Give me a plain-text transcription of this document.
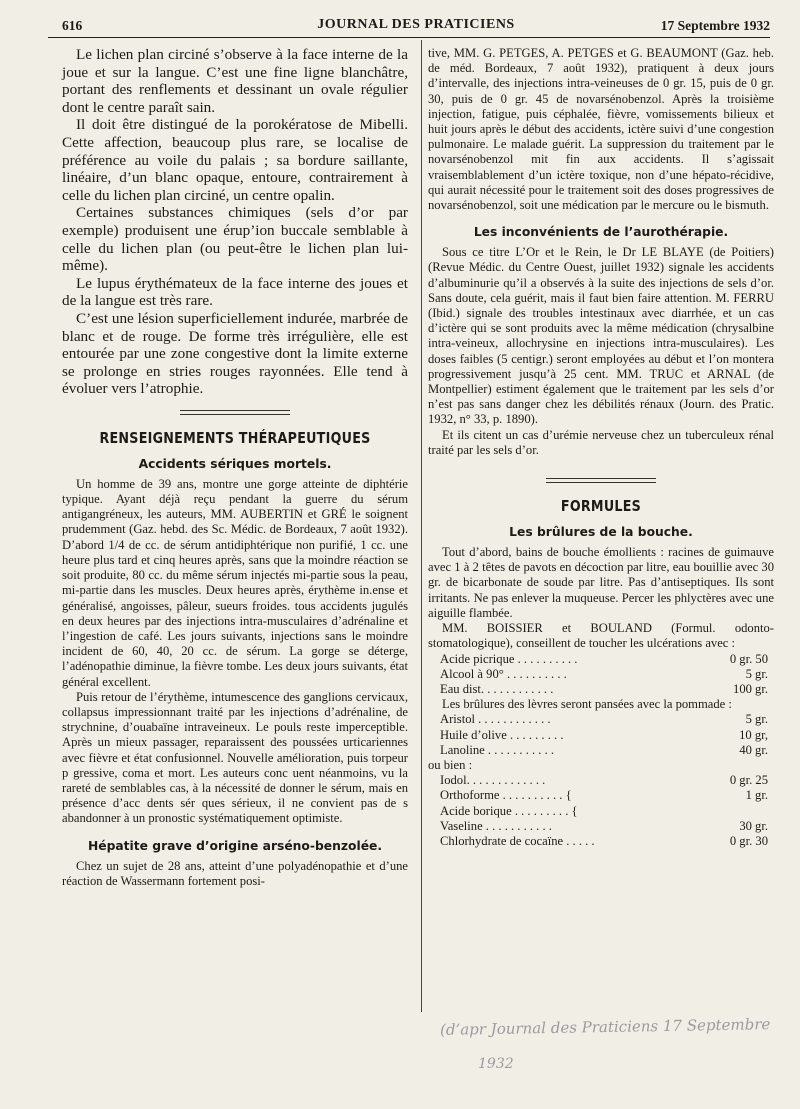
616	JOURNAL DES PRATICIENS	17 Septembre 1932

Le lichen plan circiné s’observe à la face interne de la joue et sur la langue. C’est une fine ligne blanchâtre, portant des renflements et dessinant un ovale régulier dont le centre paraît sain.

Il doit être distingué de la porokératose de Mibelli. Cette affection, beaucoup plus rare, se localise de préférence au voile du palais ; sa bordure saillante, linéaire, d’un blanc opaque, entoure, contrairement à celle du lichen plan circiné, un centre opalin.

Certaines substances chimiques (sels d’or par exemple) produisent une érup’ion buccale semblable à celle du lichen plan (ou peut-être le lichen plan lui-même).

Le lupus érythémateux de la face interne des joues et de la langue est très rare.

C’est une lésion superficiellement indurée, marbrée de blanc et de rouge. De forme très irrégulière, elle est entourée par une zone congestive dont la limite externe se prolonge en stries rouges rayonnées. Elle tend à évoluer vers l’atrophie.

RENSEIGNEMENTS THÉRAPEUTIQUES
Accidents sériques mortels.

Un homme de 39 ans, montre une gorge atteinte de diphtérie typique. Ayant déjà reçu pendant la guerre du sérum antigangréneux, les auteurs, MM. AUBERTIN et GRÉ le soignent prudemment (Gaz. hebd. des Sc. Médic. de Bordeaux, 7 août 1932). D’abord 1/4 de cc. de sérum antidiphtérique non purifié, 1 cc. une heure plus tard et cinq heures après, sans que la moindre réaction se soit produite, 80 cc. du même sérum injectés mi-partie sous la peau, mi-partie dans les muscles. Deux heures après, érythème in.ense et généralisé, angoisses, pâleur, sueurs froides. tous accidents jugulés en deux heures par des injections intra-musculaires d’adrénaline et l’ingestion de café. Les jours suivants, injections sans le moindre incident de 60, 40, 20 cc. de sérum. La gorge se déterge, l’adénopathie diminue, la fièvre tombe. Les deux jours suivants, état général excellent.

Puis retour de l’érythème, intumescence des ganglions cervicaux, collapsus impressionnant traité par les injections d’adrénaline, de strychnine, d’ouabaïne intraveineux. Le pouls reste imperceptible. Après un mieux passager, reparaissent des poussées urticariennes avec fièvre et état confusionnel. Nouvelle amélioration, puis torpeur p gressive, coma et mort. Les auteurs conc uent néanmoins, vu la rareté de semblables cas, à la nécessité de donner le sérum, mais en présence d’acc dents sér ques sérieux, il ne convient pas de s abandonner à un pronostic systématiquement optimiste.

Hépatite grave d’origine arséno-benzolée.

Chez un sujet de 28 ans, atteint d’une polyadénopathie et d’une réaction de Wassermann fortement posi-

tive, MM. G. PETGES, A. PETGES et G. BEAUMONT (Gaz. heb. de méd. Bordeaux, 7 août 1932), pratiquent à deux jours d’intervalle, des injections intra-veineuses de 0 gr. 15, puis de 0 gr. 30, puis de 0 gr. 45 de novarsénobenzol. Après la troisième injection, fatigue, puis céphalée, fièvre, vomissements bilieux et huit jours après le début des accidents, ictère suivi d’une congestion pulmonaire. Le malade guérit. La suppression du traitement par le novarsénobenzol mit fin aux accidents. Il s’agissait vraisemblablement d’un ictère toxique, non d’une hépato-récidive, qui aurait nécessité pour le traitement soit des doses progressives de novarsénobenzol, soit une médication par le mercure ou le bismuth.

Les inconvénients de l’aurothérapie.

Sous ce titre L’Or et le Rein, le Dr LE BLAYE (de Poitiers) (Revue Médic. du Centre Ouest, juillet 1932) signale les accidents d’albuminurie qu’il a observés à la suite des injections de sels d’or. Sans doute, cela guérit, mais il faut bien faire attention. M. FERRU (Ibid.) signale des troubles intestinaux avec diarrhée, et un cas d’ictère qui se sont produits avec la même médication (chrysalbine intra-veineux, allochrysine en injections intra-musculaires). Les doses faibles (5 centigr.) seront employées au début et l’on montera progressivement jusqu’à 25 cent. MM. TRUC et ARNAL (de Montpellier) estiment également que le traitement par les sels d’or n’est pas sans danger chez les débilités rénaux (Journ. des Pratic. 1932, n° 33, p. 1890).

Et ils citent un cas d’urémie nerveuse chez un tuberculeux rénal traité par les sels d’or.

FORMULES
Les brûlures de la bouche.

Tout d’abord, bains de bouche émollients : racines de guimauve avec 1 à 2 têtes de pavots en décoction par litre, eau bouillie avec 30 gr. de bicarbonate de soude par litre. Pas d’antiseptiques. Ils sont irritants. Ne pas enlever la muqueuse. Percer les phlyctères avec une aiguille flambée.

MM. BOISSIER et BOULAND (Formul. odonto-stomatologique), conseillent de toucher les ulcérations avec :

Acide picrique . . . . . . . . . .	0 gr. 50
Alcool à 90° . . . . . . . . . .	5 gr.
Eau dist. . . . . . . . . . . .	100 gr.

Les brûlures des lèvres seront pansées avec la pommade :

Aristol . . . . . . . . . . . .	5 gr.
Huile d’olive . . . . . . . . .	10 gr,
Lanoline . . . . . . . . . . .	40 gr.

ou bien :

Iodol. . . . . . . . . . . . .	0 gr. 25
Orthoforme . . . . . . . . . . {	1 gr.
Acide borique . . . . . . . . . {	
Vaseline . . . . . . . . . . .	30 gr.
Chlorhydrate de cocaïne . . . . .	0 gr. 30
(d’apr Journal des Praticiens 17 Septembre
1932
